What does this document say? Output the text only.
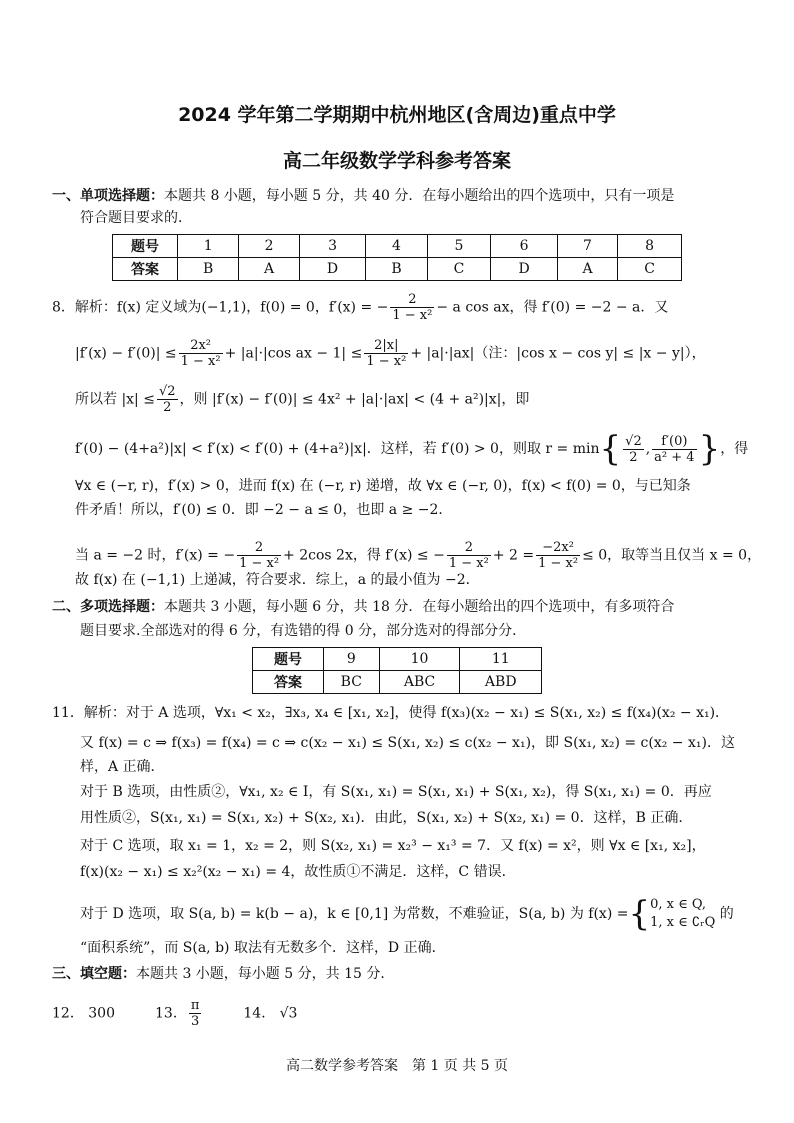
2024 学年第二学期期中杭州地区(含周边)重点中学
高二年级数学学科参考答案
一、单项选择题：本题共 8 小题，每小题 5 分，共 40 分．在每小题给出的四个选项中，只有一项是
符合题目要求的．
题号	1	2	3	4	5	6	7	8
答案	B	A	D	B	C	D	A	C
8．解析：f(x) 定义域为(−1,1)，f(0) = 0，f′(x) = − $\frac{2}{\text{1 − x²}} - a$ cos ax，得 f′(0) = −2 − a．又
$|f'(x) - f'(0)| \le \frac{\text{2x²}}{\text{1 − x²}} + |a|\cdot|\cos$ ax − $1| \le \frac{2|x|}{\text{1 − x²}} + |a|\cdot|ax|$（注：|cos x − cos y| ≤ |x − y|），
所以若 $|x| \le \frac{√2}{2}$ ，则 |f′(x) − f′(0)| ≤ 4x² + |a|·|ax| < (4 + a²)|x|，即
f′(0) − (4+a²)|x| < f′(x) < f′(0) + (4+a²)|x|．这样，若 f′(0) > 0，则取 $r = \min\{ \frac{√2}{2}$ , $\frac{f'(0)}{\text{a² + 4}}$ }，得
∀x ∈ (−r, r)，f′(x) > 0，进而 f(x) 在 (−r, r) 递增，故 ∀x ∈ (−r, 0)，f(x) < f(0) = 0，与已知条
件矛盾！所以，f′(0) ≤ 0．即 −2 − a ≤ 0，也即 a ≥ −2．
当 a = −2 时，f′(x) = − $\frac{2}{\text{1 − x²}} + 2\cos$ 2x，得 f′(x) ≤ − $\frac{2}{\text{1 − x²}} + 2 = \frac{\text{−2x²}}{\text{1 − x²}} \le 0$，取等当且仅当 x = 0，
故 f(x) 在 (−1,1) 上递减，符合要求．综上，a 的最小值为 −2．
二、多项选择题：本题共 3 小题，每小题 6 分，共 18 分．在每小题给出的四个选项中，有多项符合
题目要求.全部选对的得 6 分，有选错的得 0 分，部分选对的得部分分．
题号	9	10	11
答案	BC	ABC	ABD
11．解析：对于 A 选项，∀x₁ < x₂，∃x₃, x₄ ∈ [x₁, x₂]，使得 f(x₃)(x₂ − x₁) ≤ S(x₁, x₂) ≤ f(x₄)(x₂ − x₁)．
又 f(x) = c ⇒ f(x₃) = f(x₄) = c ⇒ c(x₂ − x₁) ≤ S(x₁, x₂) ≤ c(x₂ − x₁)，即 S(x₁, x₂) = c(x₂ − x₁)．这
样，A 正确．
对于 B 选项，由性质②，∀x₁, x₂ ∈ I，有 S(x₁, x₁) = S(x₁, x₁) + S(x₁, x₂)，得 S(x₁, x₁) = 0．再应
用性质②，S(x₁, x₁) = S(x₁, x₂) + S(x₂, x₁)．由此，S(x₁, x₂) + S(x₂, x₁) = 0．这样，B 正确.
对于 C 选项，取 x₁ = 1，x₂ = 2，则 S(x₂, x₁) = x₂³ − x₁³ = 7．又 f(x) = x²，则 ∀x ∈ [x₁, x₂]，
f(x)(x₂ − x₁) ≤ x₂²(x₂ − x₁) = 4，故性质①不满足．这样，C 错误．
对于 D 选项，取 S(a, b) = k(b − a)，k ∈ [0,1] 为常数，不难验证，S(a, b) 为 f(x) ={ 0, x ∈ Q,
1, x ∈ ∁ᵣQ
的
“面积系统”，而 S(a, b) 取法有无数多个．这样，D 正确．
三、填空题：本题共 3 小题，每小题 5 分，共 15 分．
12． 300	13． $\frac{\pi}{3}$	14． √3
高二数学参考答案　第 1 页 共 5 页
